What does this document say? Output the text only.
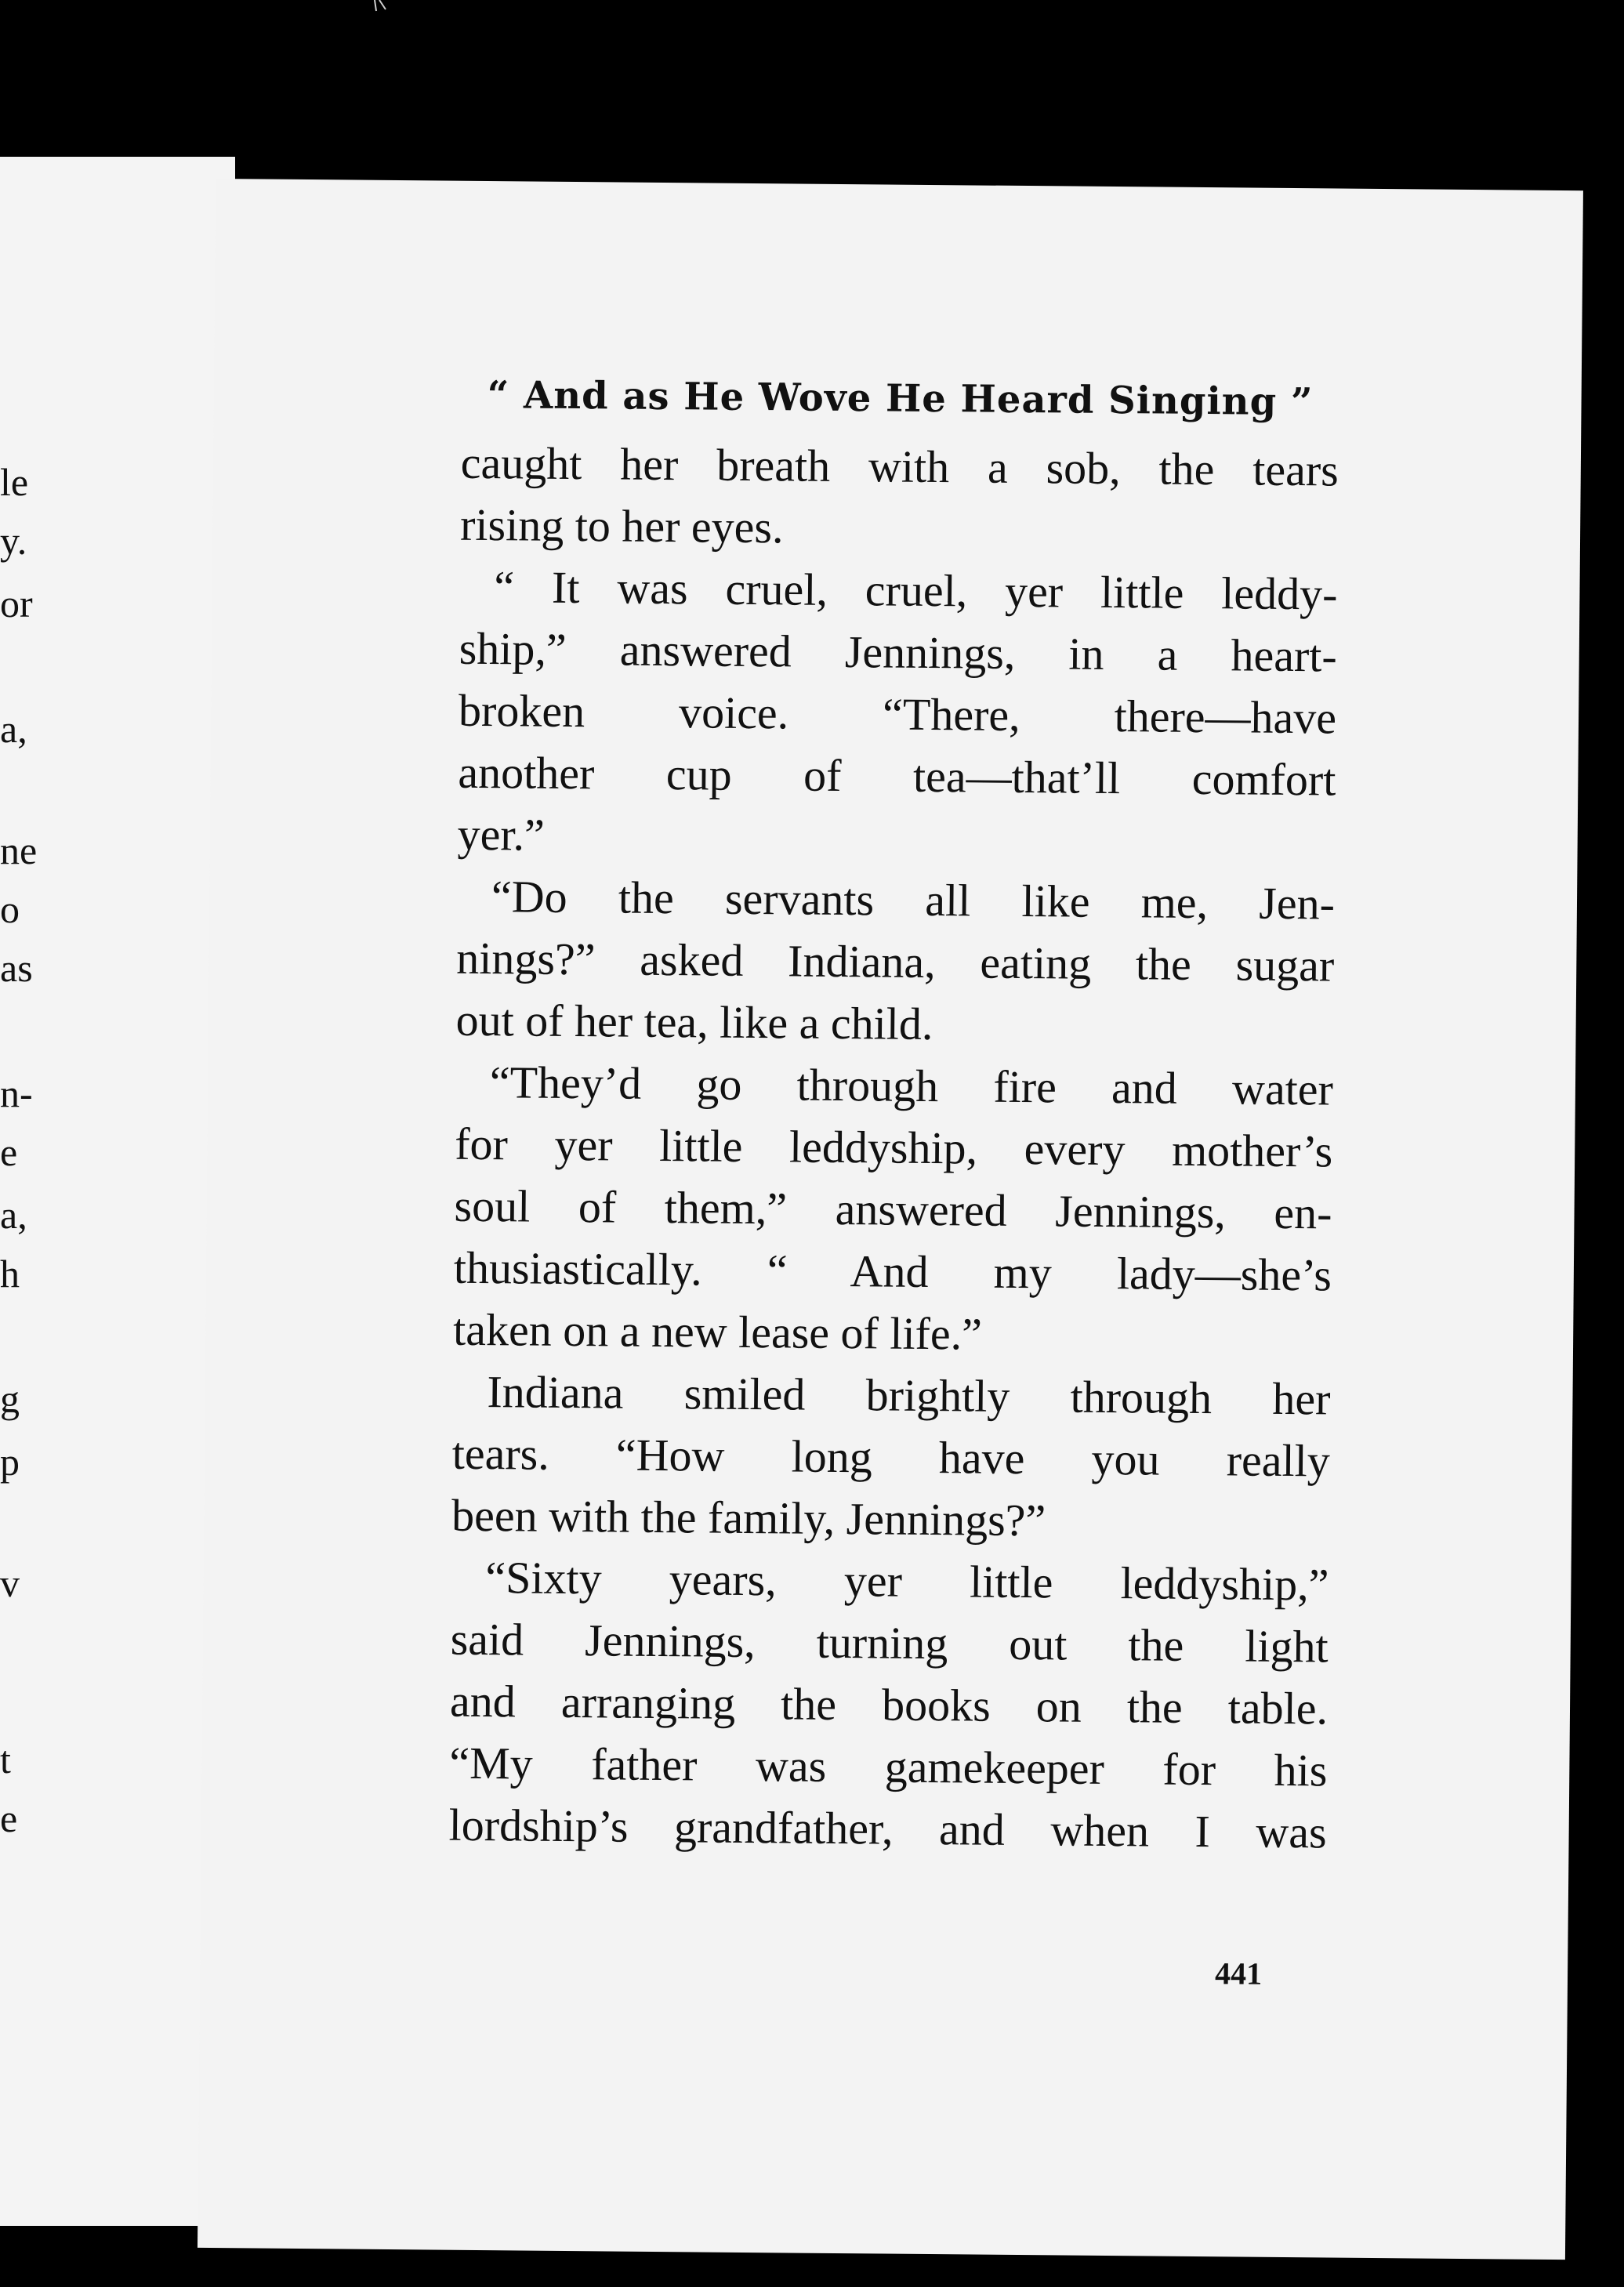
le
y.
or
a,
ne
o
as
n-
e
a,
h
g
p
v
t
e
“ And as He Wove He Heard Singing ”
caught her breath with a sob, the tears
rising to her eyes.
“ It was cruel, cruel, yer little leddy-
ship,” answered Jennings, in a heart-
broken voice. “There, there—have
another cup of tea—that’ll comfort
yer.”
“Do the servants all like me, Jen-
nings?” asked Indiana, eating the sugar
out of her tea, like a child.
“They’d go through fire and water
for yer little leddyship, every mother’s
soul of them,” answered Jennings, en-
thusiastically. “ And my lady—she’s
taken on a new lease of life.”
Indiana smiled brightly through her
tears. “How long have you really
been with the family, Jennings?”
“Sixty years, yer little leddyship,”
said Jennings, turning out the light
and arranging the books on the table.
“My father was gamekeeper for his
lordship’s grandfather, and when I was
441
